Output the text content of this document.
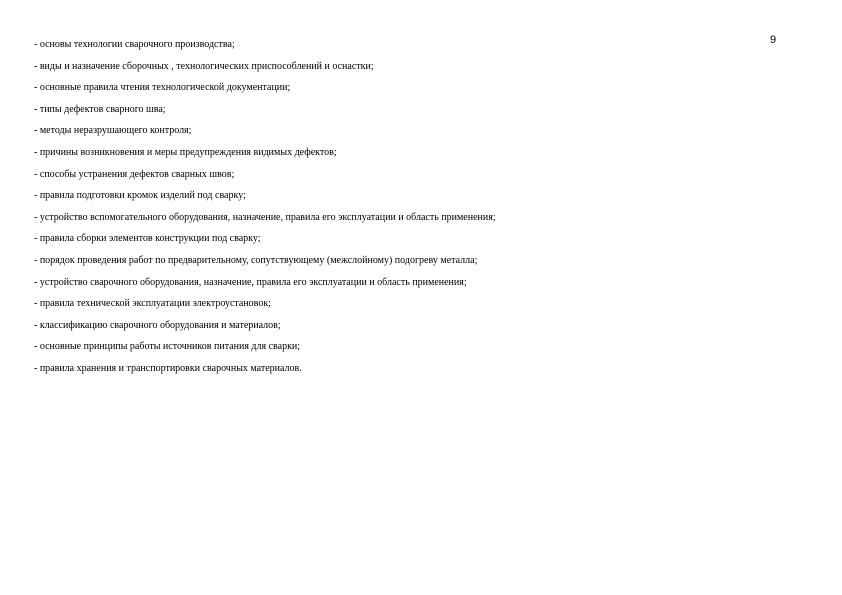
9
- основы технологии сварочного производства;
- виды и назначение сборочных , технологических приспособлений и оснастки;
- основные правила чтения технологической документации;
- типы дефектов сварного шва;
- методы неразрушающего контроля;
- причины возникновения и меры предупреждения видимых дефектов;
- способы устранения дефектов сварных швов;
- правила подготовки кромок изделий под сварку;
- устройство вспомогательного оборудования, назначение, правила его эксплуатации и область применения;
- правила сборки элементов конструкции под сварку;
- порядок проведения работ по предварительному, сопутствующему (межслойному) подогреву металла;
- устройство сварочного оборудования, назначение, правила его эксплуатации и область применения;
- правила технической эксплуатации электроустановок;
- классификацию сварочного оборудования и материалов;
- основные принципы работы источников питания для сварки;
- правила хранения и транспортировки сварочных материалов.
